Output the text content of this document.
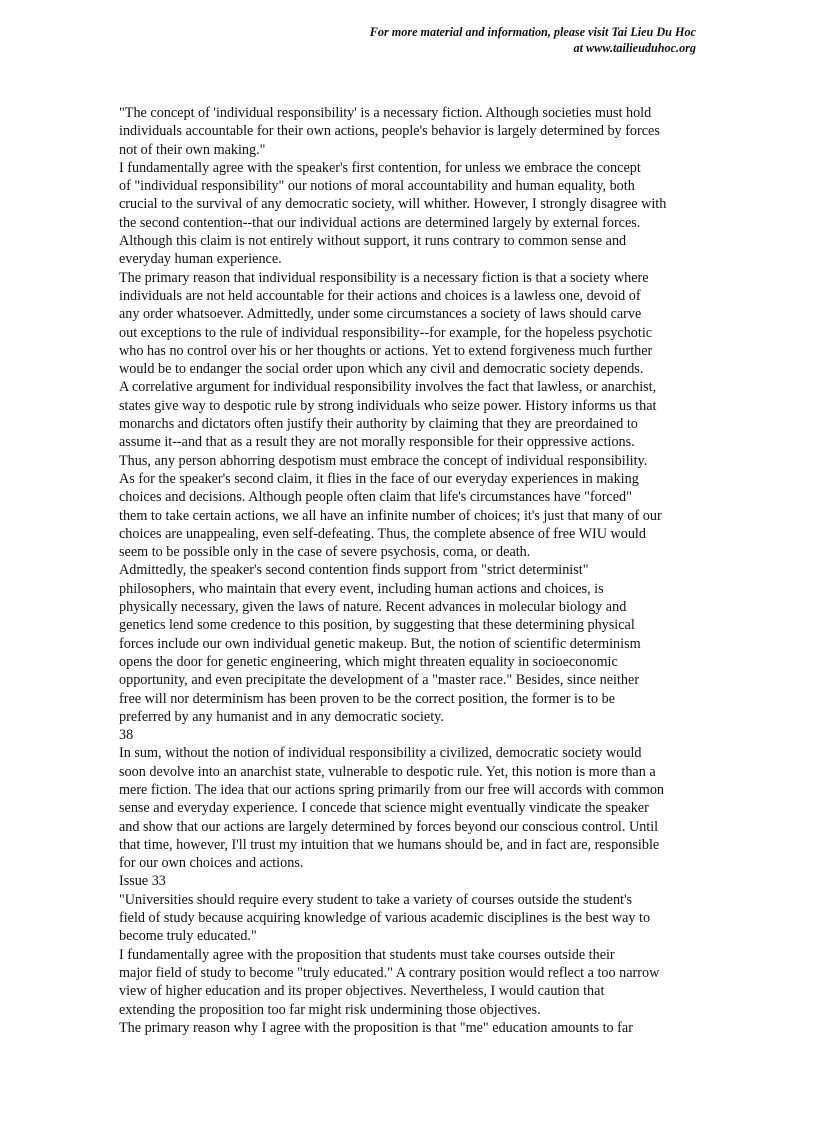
For more material and information, please visit Tai Lieu Du Hoc
at www.tailieuduhoc.org
"The concept of 'individual responsibility' is a necessary fiction. Although societies must hold
individuals accountable for their own actions, people's behavior is largely determined by forces
not of their own making."
I fundamentally agree with the speaker's first contention, for unless we embrace the concept
of "individual responsibility" our notions of moral accountability and human equality, both
crucial to the survival of any democratic society, will whither. However, I strongly disagree with
the second contention--that our individual actions are determined largely by external forces.
Although this claim is not entirely without support, it runs contrary to common sense and
everyday human experience.
The primary reason that individual responsibility is a necessary fiction is that a society where
individuals are not held accountable for their actions and choices is a lawless one, devoid of
any order whatsoever. Admittedly, under some circumstances a society of laws should carve
out exceptions to the rule of individual responsibility--for example, for the hopeless psychotic
who has no control over his or her thoughts or actions. Yet to extend forgiveness much further
would be to endanger the social order upon which any civil and democratic society depends.
A correlative argument for individual responsibility involves the fact that lawless, or anarchist,
states give way to despotic rule by strong individuals who seize power. History informs us that
monarchs and dictators often justify their authority by claiming that they are preordained to
assume it--and that as a result they are not morally responsible for their oppressive actions.
Thus, any person abhorring despotism must embrace the concept of individual responsibility.
As for the speaker's second claim, it flies in the face of our everyday experiences in making
choices and decisions. Although people often claim that life's circumstances have "forced"
them to take certain actions, we all have an infinite number of choices; it's just that many of our
choices are unappealing, even self-defeating. Thus, the complete absence of free WIU would
seem to be possible only in the case of severe psychosis, coma, or death.
Admittedly, the speaker's second contention finds support from "strict determinist"
philosophers, who maintain that every event, including human actions and choices, is
physically necessary, given the laws of nature. Recent advances in molecular biology and
genetics lend some credence to this position, by suggesting that these determining physical
forces include our own individual genetic makeup. But, the notion of scientific determinism
opens the door for genetic engineering, which might threaten equality in socioeconomic
opportunity, and even precipitate the development of a "master race." Besides, since neither
free will nor determinism has been proven to be the correct position, the former is to be
preferred by any humanist and in any democratic society.
38
In sum, without the notion of individual responsibility a civilized, democratic society would
soon devolve into an anarchist state, vulnerable to despotic rule. Yet, this notion is more than a
mere fiction. The idea that our actions spring primarily from our free will accords with common
sense and everyday experience. I concede that science might eventually vindicate the speaker
and show that our actions are largely determined by forces beyond our conscious control. Until
that time, however, I'll trust my intuition that we humans should be, and in fact are, responsible
for our own choices and actions.
Issue 33
"Universities should require every student to take a variety of courses outside the student's
field of study because acquiring knowledge of various academic disciplines is the best way to
become truly educated."
I fundamentally agree with the proposition that students must take courses outside their
major field of study to become "truly educated." A contrary position would reflect a too narrow
view of higher education and its proper objectives. Nevertheless, I would caution that
extending the proposition too far might risk undermining those objectives.
The primary reason why I agree with the proposition is that "me" education amounts to far
